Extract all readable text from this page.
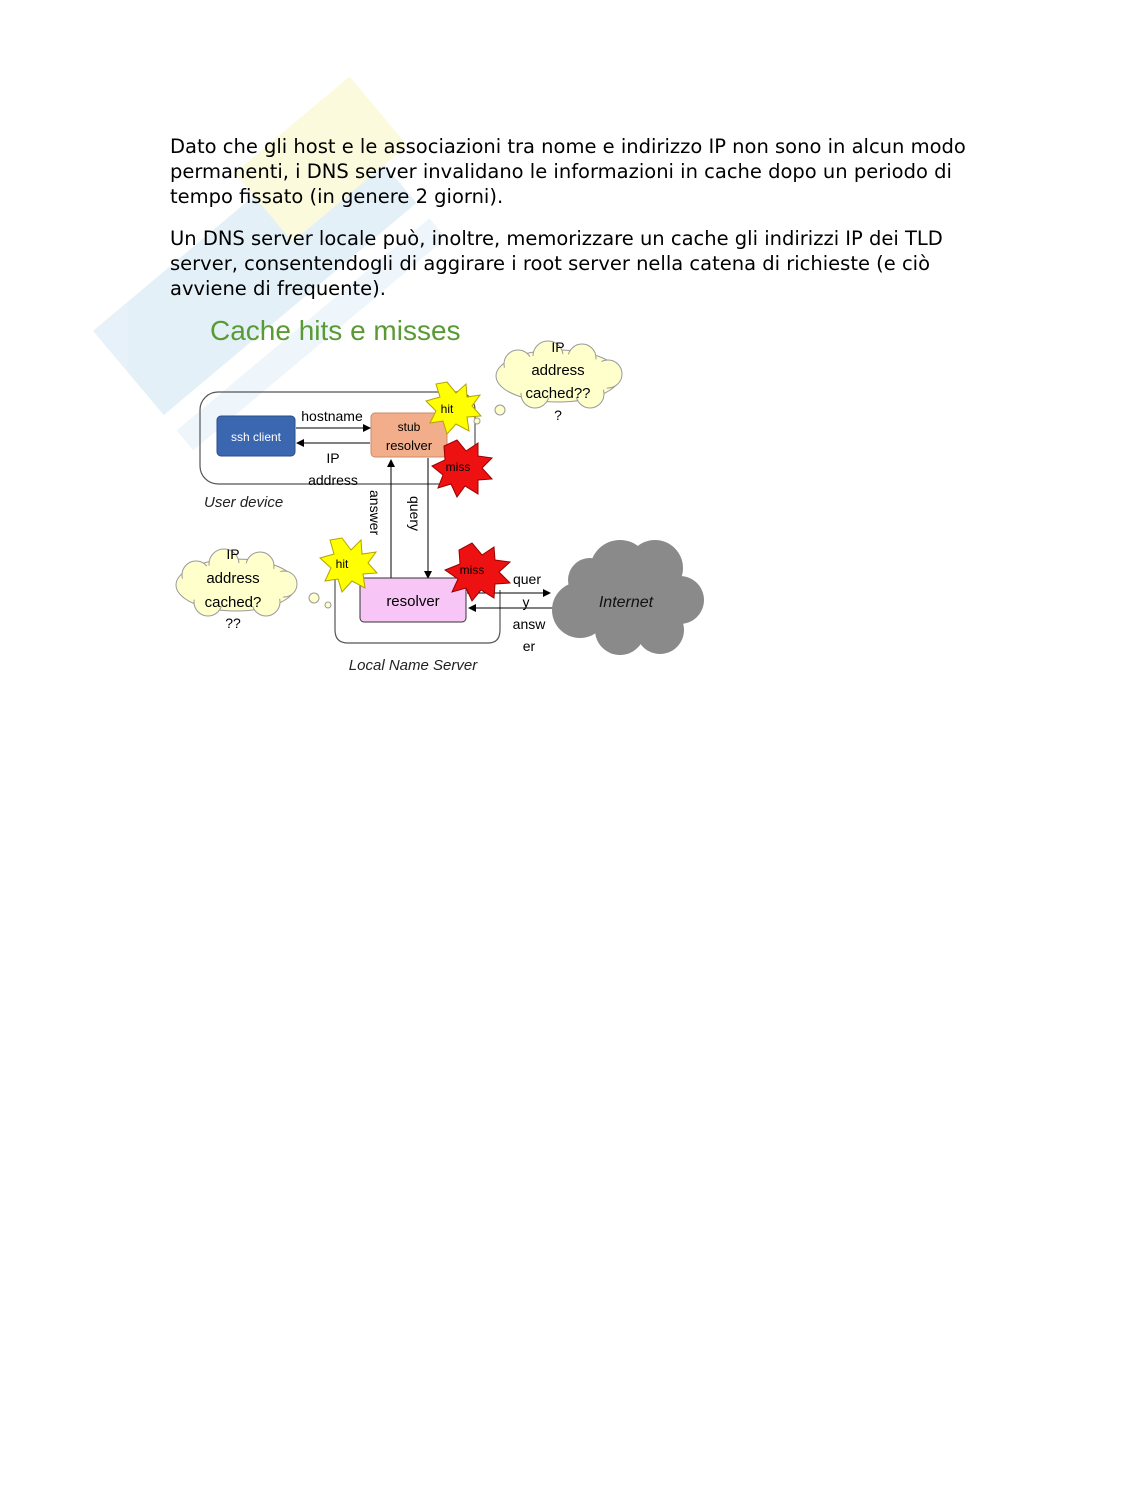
Dato che gli host e le associazioni tra nome e indirizzo IP non sono in alcun modo permanenti, i DNS server invalidano le informazioni in cache dopo un periodo di tempo fissato (in genere 2 giorni).

Un DNS server locale può, inoltre, memorizzare un cache gli indirizzi IP dei TLD server, consentendogli di aggirare i root server nella catena di richieste (e ciò avviene di frequente).

Cache hits e misses
User device
ssh client
stub
resolver
hostname
IP
address
query
answer
Local Name Server
resolver
quer
y
answ
er
Internet
hit
miss
hit	miss
IP
address
cached??
?
IP
address
cached?
??
